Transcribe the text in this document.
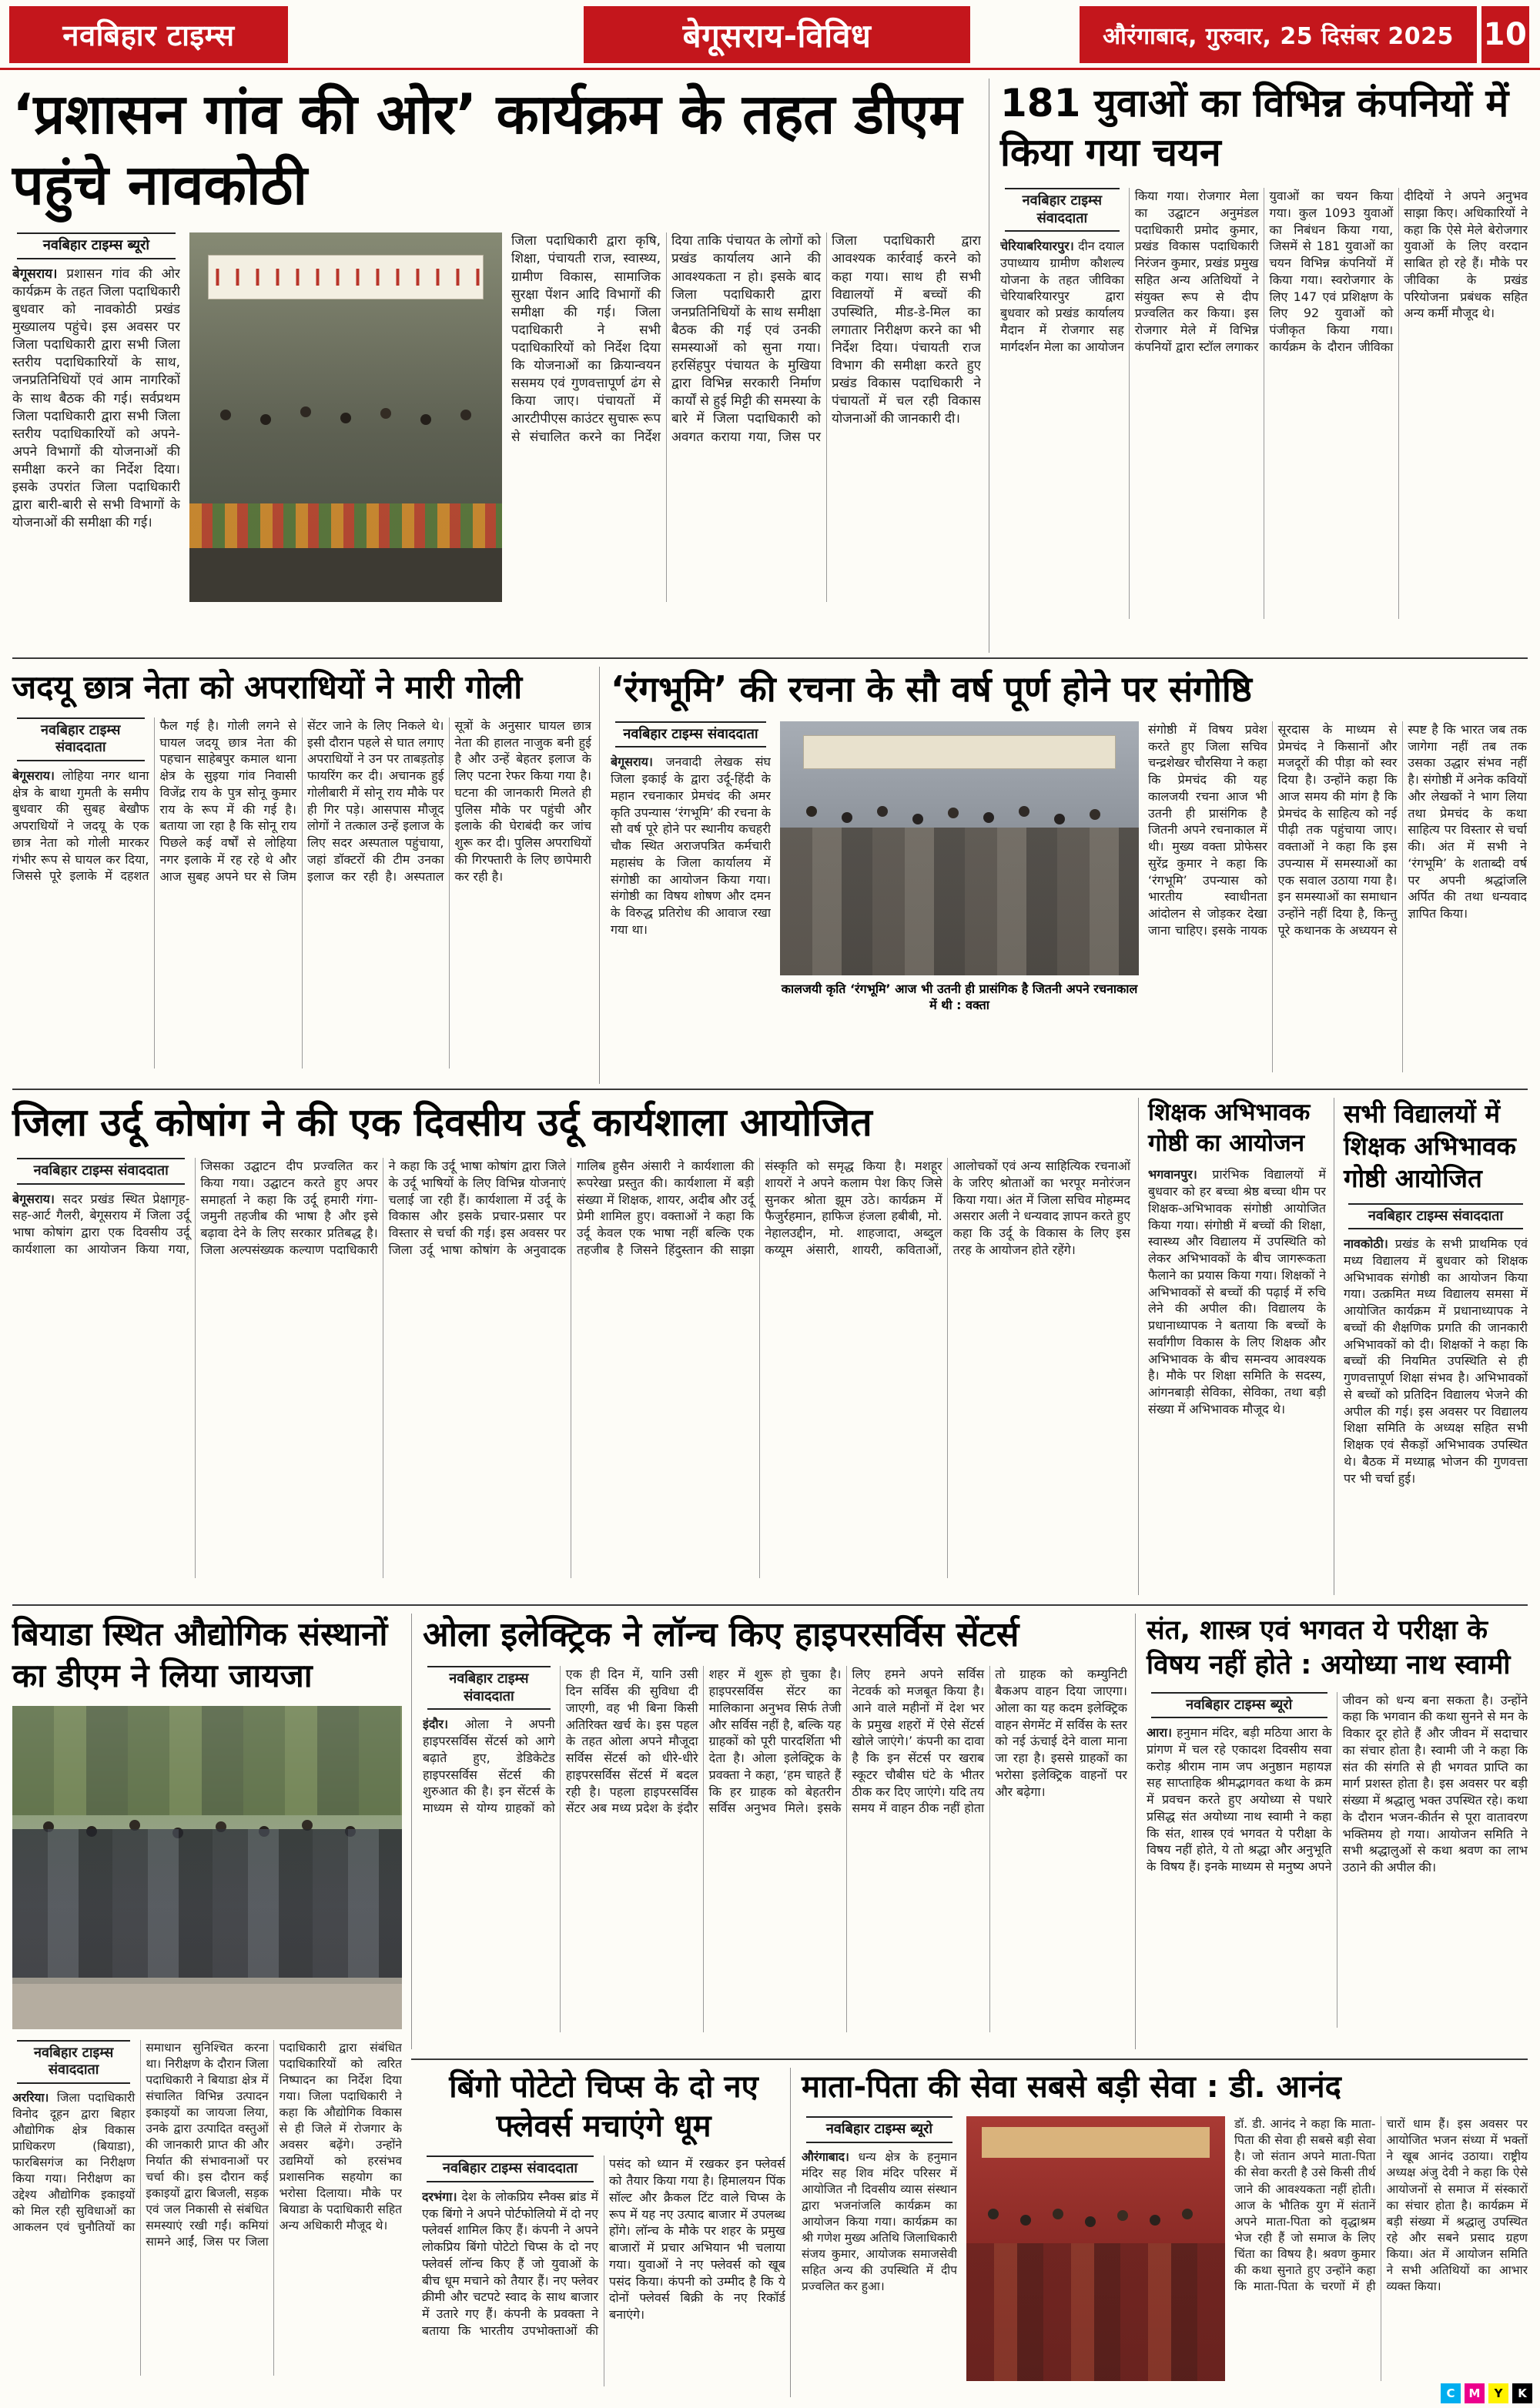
नवबिहार टाइम्स	बेगूसराय-विविध	औरंगाबाद, गुरुवार, 25 दिसंबर 2025 10
‘प्रशासन गांव की ओर’ कार्यक्रम के तहत डीएम पहुंचे नावकोठी
नवबिहार टाइम्स ब्यूरो
बेगूसराय। प्रशासन गांव की ओर कार्यक्रम के तहत जिला पदाधिकारी बुधवार को नावकोठी प्रखंड मुख्यालय पहुंचे। इस अवसर पर जिला पदाधिकारी द्वारा सभी जिला स्तरीय पदाधिकारियों के साथ, जनप्रतिनिधियों एवं आम नागरिकों के साथ बैठक की गई। सर्वप्रथम जिला पदाधिकारी द्वारा सभी जिला स्तरीय पदाधिकारियों को अपने-अपने विभागों की योजनाओं की समीक्षा करने का निर्देश दिया। इसके उपरांत जिला पदाधिकारी द्वारा बारी-बारी से सभी विभागों के योजनाओं की समीक्षा की गई।
जिला पदाधिकारी द्वारा कृषि, शिक्षा, पंचायती राज, स्वास्थ्य, ग्रामीण विकास, सामाजिक सुरक्षा पेंशन आदि विभागों की समीक्षा की गई। जिला पदाधिकारी ने सभी पदाधिकारियों को निर्देश दिया कि योजनाओं का क्रियान्वयन ससमय एवं गुणवत्तापूर्ण ढंग से किया जाए। पंचायतों में आरटीपीएस काउंटर सुचारू रूप से संचालित करने का निर्देश दिया ताकि पंचायत के लोगों को प्रखंड कार्यालय आने की आवश्यकता न हो। इसके बाद जिला पदाधिकारी द्वारा जनप्रतिनिधियों के साथ समीक्षा बैठक की गई एवं उनकी समस्याओं को सुना गया। हरसिंहपुर पंचायत के मुखिया द्वारा विभिन्न सरकारी निर्माण कार्यों से हुई मिट्टी की समस्या के बारे में जिला पदाधिकारी को अवगत कराया गया, जिस पर जिला पदाधिकारी द्वारा आवश्यक कार्रवाई करने को कहा गया। साथ ही सभी विद्यालयों में बच्चों की उपस्थिति, मीड-डे-मिल का लगातार निरीक्षण करने का भी निर्देश दिया। पंचायती राज विभाग की समीक्षा करते हुए प्रखंड विकास पदाधिकारी ने पंचायतों में चल रही विकास योजनाओं की जानकारी दी।
181 युवाओं का विभिन्न कंपनियों में किया गया चयन
नवबिहार टाइम्स संवाददाता
चेरियाबरियारपुर। दीन दयाल उपाध्याय ग्रामीण कौशल्य योजना के तहत जीविका चेरियाबरियारपुर द्वारा बुधवार को प्रखंड कार्यालय मैदान में रोजगार सह मार्गदर्शन मेला का आयोजन किया गया। रोजगार मेला का उद्घाटन अनुमंडल पदाधिकारी प्रमोद कुमार, प्रखंड विकास पदाधिकारी निरंजन कुमार, प्रखंड प्रमुख सहित अन्य अतिथियों ने संयुक्त रूप से दीप प्रज्वलित कर किया। इस रोजगार मेले में विभिन्न कंपनियों द्वारा स्टॉल लगाकर युवाओं का चयन किया गया। कुल 1093 युवाओं का निबंधन किया गया, जिसमें से 181 युवाओं का चयन विभिन्न कंपनियों में किया गया। स्वरोजगार के लिए 147 एवं प्रशिक्षण के लिए 92 युवाओं को पंजीकृत किया गया। कार्यक्रम के दौरान जीविका दीदियों ने अपने अनुभव साझा किए। अधिकारियों ने कहा कि ऐसे मेले बेरोजगार युवाओं के लिए वरदान साबित हो रहे हैं। मौके पर जीविका के प्रखंड परियोजना प्रबंधक सहित अन्य कर्मी मौजूद थे।
जदयू छात्र नेता को अपराधियों ने मारी गोली
नवबिहार टाइम्स संवाददाता
बेगूसराय। लोहिया नगर थाना क्षेत्र के बाथा गुमती के समीप बुधवार की सुबह बेखौफ अपराधियों ने जदयू के एक छात्र नेता को गोली मारकर गंभीर रूप से घायल कर दिया, जिससे पूरे इलाके में दहशत फैल गई है। गोली लगने से घायल जदयू छात्र नेता की पहचान साहेबपुर कमाल थाना क्षेत्र के सुइया गांव निवासी विजेंद्र राय के पुत्र सोनू कुमार राय के रूप में की गई है। बताया जा रहा है कि सोनू राय पिछले कई वर्षों से लोहिया नगर इलाके में रह रहे थे और आज सुबह अपने घर से जिम सेंटर जाने के लिए निकले थे। इसी दौरान पहले से घात लगाए अपराधियों ने उन पर ताबड़तोड़ फायरिंग कर दी। अचानक हुई गोलीबारी में सोनू राय मौके पर ही गिर पड़े। आसपास मौजूद लोगों ने तत्काल उन्हें इलाज के लिए सदर अस्पताल पहुंचाया, जहां डॉक्टरों की टीम उनका इलाज कर रही है। अस्पताल सूत्रों के अनुसार घायल छात्र नेता की हालत नाजुक बनी हुई है और उन्हें बेहतर इलाज के लिए पटना रेफर किया गया है। घटना की जानकारी मिलते ही पुलिस मौके पर पहुंची और इलाके की घेराबंदी कर जांच शुरू कर दी। पुलिस अपराधियों की गिरफ्तारी के लिए छापेमारी कर रही है।
‘रंगभूमि’ की रचना के सौ वर्ष पूर्ण होने पर संगोष्ठि
नवबिहार टाइम्स संवाददाता
बेगूसराय। जनवादी लेखक संघ जिला इकाई के द्वारा उर्दू-हिंदी के महान रचनाकार प्रेमचंद की अमर कृति उपन्यास ‘रंगभूमि’ की रचना के सौ वर्ष पूरे होने पर स्थानीय कचहरी चौक स्थित अराजपत्रित कर्मचारी महासंघ के जिला कार्यालय में संगोष्ठी का आयोजन किया गया। संगोष्ठी का विषय शोषण और दमन के विरुद्ध प्रतिरोध की आवाज रखा गया था।
कालजयी कृति ‘रंगभूमि’ आज भी उतनी ही प्रासंगिक है जितनी अपने रचनाकाल में थी : वक्ता
संगोष्ठी में विषय प्रवेश करते हुए जिला सचिव चन्द्रशेखर चौरसिया ने कहा कि प्रेमचंद की यह कालजयी रचना आज भी उतनी ही प्रासंगिक है जितनी अपने रचनाकाल में थी। मुख्य वक्ता प्रोफेसर सुरेंद्र कुमार ने कहा कि ‘रंगभूमि’ उपन्यास को भारतीय स्वाधीनता आंदोलन से जोड़कर देखा जाना चाहिए। इसके नायक सूरदास के माध्यम से प्रेमचंद ने किसानों और मजदूरों की पीड़ा को स्वर दिया है। उन्होंने कहा कि आज समय की मांग है कि प्रेमचंद के साहित्य को नई पीढ़ी तक पहुंचाया जाए। वक्ताओं ने कहा कि इस उपन्यास में समस्याओं का एक सवाल उठाया गया है। इन समस्याओं का समाधान उन्होंने नहीं दिया है, किन्तु पूरे कथानक के अध्ययन से स्पष्ट है कि भारत जब तक जागेगा नहीं तब तक उसका उद्धार संभव नहीं है। संगोष्ठी में अनेक कवियों और लेखकों ने भाग लिया तथा प्रेमचंद के कथा साहित्य पर विस्तार से चर्चा की। अंत में सभी ने ‘रंगभूमि’ के शताब्दी वर्ष पर अपनी श्रद्धांजलि अर्पित की तथा धन्यवाद ज्ञापित किया।
जिला उर्दू कोषांग ने की एक दिवसीय उर्दू कार्यशाला आयोजित
नवबिहार टाइम्स संवाददाता
बेगूसराय। सदर प्रखंड स्थित प्रेक्षागृह-सह-आर्ट गैलरी, बेगूसराय में जिला उर्दू भाषा कोषांग द्वारा एक दिवसीय उर्दू कार्यशाला का आयोजन किया गया, जिसका उद्घाटन दीप प्रज्वलित कर किया गया। उद्घाटन करते हुए अपर समाहर्ता ने कहा कि उर्दू हमारी गंगा-जमुनी तहजीब की भाषा है और इसे बढ़ावा देने के लिए सरकार प्रतिबद्ध है। जिला अल्पसंख्यक कल्याण पदाधिकारी ने कहा कि उर्दू भाषा कोषांग द्वारा जिले के उर्दू भाषियों के लिए विभिन्न योजनाएं चलाई जा रही हैं। कार्यशाला में उर्दू के विकास और इसके प्रचार-प्रसार पर विस्तार से चर्चा की गई। इस अवसर पर जिला उर्दू भाषा कोषांग के अनुवादक गालिब हुसैन अंसारी ने कार्यशाला की रूपरेखा प्रस्तुत की। कार्यशाला में बड़ी संख्या में शिक्षक, शायर, अदीब और उर्दू प्रेमी शामिल हुए। वक्ताओं ने कहा कि उर्दू केवल एक भाषा नहीं बल्कि एक तहजीब है जिसने हिंदुस्तान की साझा संस्कृति को समृद्ध किया है। मशहूर शायरों ने अपने कलाम पेश किए जिसे सुनकर श्रोता झूम उठे। कार्यक्रम में फैजुर्रहमान, हाफिज हंजला हबीबी, मो. नेहालउद्दीन, मो. शाहजादा, अब्दुल कय्यूम अंसारी, शायरी, कविताओं, आलोचकों एवं अन्य साहित्यिक रचनाओं के जरिए श्रोताओं का भरपूर मनोरंजन किया गया। अंत में जिला सचिव मोहम्मद असरार अली ने धन्यवाद ज्ञापन करते हुए कहा कि उर्दू के विकास के लिए इस तरह के आयोजन होते रहेंगे।
शिक्षक अभिभावक गोष्ठी का आयोजन
भगवानपुर। प्रारंभिक विद्यालयों में बुधवार को हर बच्चा श्रेष्ठ बच्चा थीम पर शिक्षक-अभिभावक संगोष्ठी आयोजित किया गया। संगोष्ठी में बच्चों की शिक्षा, स्वास्थ्य और विद्यालय में उपस्थिति को लेकर अभिभावकों के बीच जागरूकता फैलाने का प्रयास किया गया। शिक्षकों ने अभिभावकों से बच्चों की पढ़ाई में रुचि लेने की अपील की। विद्यालय के प्रधानाध्यापक ने बताया कि बच्चों के सर्वांगीण विकास के लिए शिक्षक और अभिभावक के बीच समन्वय आवश्यक है। मौके पर शिक्षा समिति के सदस्य, आंगनबाड़ी सेविका, सेविका, तथा बड़ी संख्या में अभिभावक मौजूद थे।
सभी विद्यालयों में शिक्षक अभिभावक गोष्ठी आयोजित
नवबिहार टाइम्स संवाददाता
नावकोठी। प्रखंड के सभी प्राथमिक एवं मध्य विद्यालय में बुधवार को शिक्षक अभिभावक संगोष्ठी का आयोजन किया गया। उत्क्रमित मध्य विद्यालय समसा में आयोजित कार्यक्रम में प्रधानाध्यापक ने बच्चों की शैक्षणिक प्रगति की जानकारी अभिभावकों को दी। शिक्षकों ने कहा कि बच्चों की नियमित उपस्थिति से ही गुणवत्तापूर्ण शिक्षा संभव है। अभिभावकों से बच्चों को प्रतिदिन विद्यालय भेजने की अपील की गई। इस अवसर पर विद्यालय शिक्षा समिति के अध्यक्ष सहित सभी शिक्षक एवं सैकड़ों अभिभावक उपस्थित थे। बैठक में मध्याह्न भोजन की गुणवत्ता पर भी चर्चा हुई।
बियाडा स्थित औद्योगिक संस्थानों का डीएम ने लिया जायजा
नवबिहार टाइम्स संवाददाता
अररिया। जिला पदाधिकारी विनोद दूहन द्वारा बिहार औद्योगिक क्षेत्र विकास प्राधिकरण (बियाडा), फारबिसगंज का निरीक्षण किया गया। निरीक्षण का उद्देश्य औद्योगिक इकाइयों को मिल रही सुविधाओं का आकलन एवं चुनौतियों का समाधान सुनिश्चित करना था। निरीक्षण के दौरान जिला पदाधिकारी ने बियाडा क्षेत्र में संचालित विभिन्न उत्पादन इकाइयों का जायजा लिया, उनके द्वारा उत्पादित वस्तुओं की जानकारी प्राप्त की और निर्यात की संभावनाओं पर चर्चा की। इस दौरान कई इकाइयों द्वारा बिजली, सड़क एवं जल निकासी से संबंधित समस्याएं रखी गईं। कमियां सामने आईं, जिस पर जिला पदाधिकारी द्वारा संबंधित पदाधिकारियों को त्वरित निष्पादन का निर्देश दिया गया। जिला पदाधिकारी ने कहा कि औद्योगिक विकास से ही जिले में रोजगार के अवसर बढ़ेंगे। उन्होंने उद्यमियों को हरसंभव प्रशासनिक सहयोग का भरोसा दिलाया। मौके पर बियाडा के पदाधिकारी सहित अन्य अधिकारी मौजूद थे।
ओला इलेक्ट्रिक ने लॉन्च किए हाइपरसर्विस सेंटर्स
नवबिहार टाइम्स संवाददाता
इंदौर। ओला ने अपनी हाइपरसर्विस सेंटर्स को आगे बढ़ाते हुए, डेडिकेटेड हाइपरसर्विस सेंटर्स की शुरुआत की है। इन सेंटर्स के माध्यम से योग्य ग्राहकों को एक ही दिन में, यानि उसी दिन सर्विस की सुविधा दी जाएगी, वह भी बिना किसी अतिरिक्त खर्च के। इस पहल के तहत ओला अपने मौजूदा सर्विस सेंटर्स को धीरे-धीरे हाइपरसर्विस सेंटर्स में बदल रही है। पहला हाइपरसर्विस सेंटर अब मध्य प्रदेश के इंदौर शहर में शुरू हो चुका है। हाइपरसर्विस सेंटर का मालिकाना अनुभव सिर्फ तेजी और सर्विस नहीं है, बल्कि यह ग्राहकों को पूरी पारदर्शिता भी देता है। ओला इलेक्ट्रिक के प्रवक्ता ने कहा, ‘हम चाहते हैं कि हर ग्राहक को बेहतरीन सर्विस अनुभव मिले। इसके लिए हमने अपने सर्विस नेटवर्क को मजबूत किया है। आने वाले महीनों में देश भर के प्रमुख शहरों में ऐसे सेंटर्स खोले जाएंगे।’ कंपनी का दावा है कि इन सेंटर्स पर खराब स्कूटर चौबीस घंटे के भीतर ठीक कर दिए जाएंगे। यदि तय समय में वाहन ठीक नहीं होता तो ग्राहक को कम्युनिटी बैकअप वाहन दिया जाएगा। ओला का यह कदम इलेक्ट्रिक वाहन सेगमेंट में सर्विस के स्तर को नई ऊंचाई देने वाला माना जा रहा है। इससे ग्राहकों का भरोसा इलेक्ट्रिक वाहनों पर और बढ़ेगा।
संत, शास्त्र एवं भगवत ये परीक्षा के विषय नहीं होते : अयोध्या नाथ स्वामी
नवबिहार टाइम्स ब्यूरो
आरा। हनुमान मंदिर, बड़ी मठिया आरा के प्रांगण में चल रहे एकादश दिवसीय सवा करोड़ श्रीराम नाम जप अनुष्ठान महायज्ञ सह साप्ताहिक श्रीमद्भागवत कथा के क्रम में प्रवचन करते हुए अयोध्या से पधारे प्रसिद्ध संत अयोध्या नाथ स्वामी ने कहा कि संत, शास्त्र एवं भगवत ये परीक्षा के विषय नहीं होते, ये तो श्रद्धा और अनुभूति के विषय हैं। इनके माध्यम से मनुष्य अपने जीवन को धन्य बना सकता है। उन्होंने कहा कि भगवान की कथा सुनने से मन के विकार दूर होते हैं और जीवन में सदाचार का संचार होता है। स्वामी जी ने कहा कि संत की संगति से ही भगवत प्राप्ति का मार्ग प्रशस्त होता है। इस अवसर पर बड़ी संख्या में श्रद्धालु भक्त उपस्थित रहे। कथा के दौरान भजन-कीर्तन से पूरा वातावरण भक्तिमय हो गया। आयोजन समिति ने सभी श्रद्धालुओं से कथा श्रवण का लाभ उठाने की अपील की।
बिंगो पोटेटो चिप्स के दो नए फ्लेवर्स मचाएंगे धूम
नवबिहार टाइम्स संवाददाता
दरभंगा। देश के लोकप्रिय स्नैक्स ब्रांड में एक बिंगो ने अपने पोर्टफोलियो में दो नए फ्लेवर्स शामिल किए हैं। कंपनी ने अपने लोकप्रिय बिंगो पोटेटो चिप्स के दो नए फ्लेवर्स लॉन्च किए हैं जो युवाओं के बीच धूम मचाने को तैयार हैं। नए फ्लेवर क्रीमी और चटपटे स्वाद के साथ बाजार में उतारे गए हैं। कंपनी के प्रवक्ता ने बताया कि भारतीय उपभोक्ताओं की पसंद को ध्यान में रखकर इन फ्लेवर्स को तैयार किया गया है। हिमालयन पिंक सॉल्ट और क्रैकल टिंट वाले चिप्स के रूप में यह नए उत्पाद बाजार में उपलब्ध होंगे। लॉन्च के मौके पर शहर के प्रमुख बाजारों में प्रचार अभियान भी चलाया गया। युवाओं ने नए फ्लेवर्स को खूब पसंद किया। कंपनी को उम्मीद है कि ये दोनों फ्लेवर्स बिक्री के नए रिकॉर्ड बनाएंगे।
माता-पिता की सेवा सबसे बड़ी सेवा : डी. आनंद
नवबिहार टाइम्स ब्यूरो
औरंगाबाद। धन्य क्षेत्र के हनुमान मंदिर सह शिव मंदिर परिसर में आयोजित नौ दिवसीय व्यास संस्थान द्वारा भजनांजलि कार्यक्रम का आयोजन किया गया। कार्यक्रम का श्री गणेश मुख्य अतिथि जिलाधिकारी संजय कुमार, आयोजक समाजसेवी सहित अन्य की उपस्थिति में दीप प्रज्वलित कर हुआ।
डॉ. डी. आनंद ने कहा कि माता-पिता की सेवा ही सबसे बड़ी सेवा है। जो संतान अपने माता-पिता की सेवा करती है उसे किसी तीर्थ जाने की आवश्यकता नहीं होती। आज के भौतिक युग में संतानें अपने माता-पिता को वृद्धाश्रम भेज रही हैं जो समाज के लिए चिंता का विषय है। श्रवण कुमार की कथा सुनाते हुए उन्होंने कहा कि माता-पिता के चरणों में ही चारों धाम हैं। इस अवसर पर आयोजित भजन संध्या में भक्तों ने खूब आनंद उठाया। राष्ट्रीय अध्यक्ष अंजु देवी ने कहा कि ऐसे आयोजनों से समाज में संस्कारों का संचार होता है। कार्यक्रम में बड़ी संख्या में श्रद्धालु उपस्थित रहे और सबने प्रसाद ग्रहण किया। अंत में आयोजन समिति ने सभी अतिथियों का आभार व्यक्त किया।
C	M	Y	K
